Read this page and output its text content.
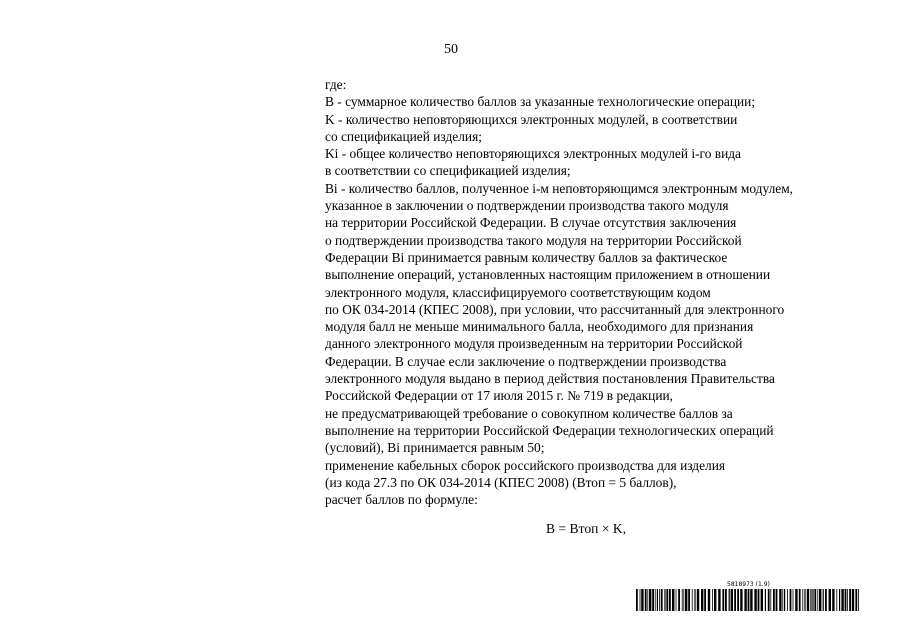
50
где:
B - суммарное количество баллов за указанные технологические операции;
K - количество неповторяющихся электронных модулей, в соответствии
со спецификацией изделия;
Ki - общее количество неповторяющихся электронных модулей i-го вида
в соответствии со спецификацией изделия;
Bi - количество баллов, полученное i-м неповторяющимся электронным модулем,
указанное в заключении о подтверждении производства такого модуля
на территории Российской Федерации. В случае отсутствия заключения
о подтверждении производства такого модуля на территории Российской
Федерации Bi принимается равным количеству баллов за фактическое
выполнение операций, установленных настоящим приложением в отношении
электронного модуля, классифицируемого соответствующим кодом
по ОК 034-2014 (КПЕС 2008), при условии, что рассчитанный для электронного
модуля балл не меньше минимального балла, необходимого для признания
данного электронного модуля произведенным на территории Российской
Федерации. В случае если заключение о подтверждении производства
электронного модуля выдано в период действия постановления Правительства
Российской Федерации от 17 июля 2015 г. № 719 в редакции,
не предусматривающей требование о совокупном количестве баллов за
выполнение на территории Российской Федерации технологических операций
(условий), Bi принимается равным 50;
применение кабельных сборок российского производства для изделия
(из кода 27.3 по ОК 034-2014 (КПЕС 2008) (Bтоп = 5 баллов),
расчет баллов по формуле:
B = Bтоп × K,
5818973 (1.9)
